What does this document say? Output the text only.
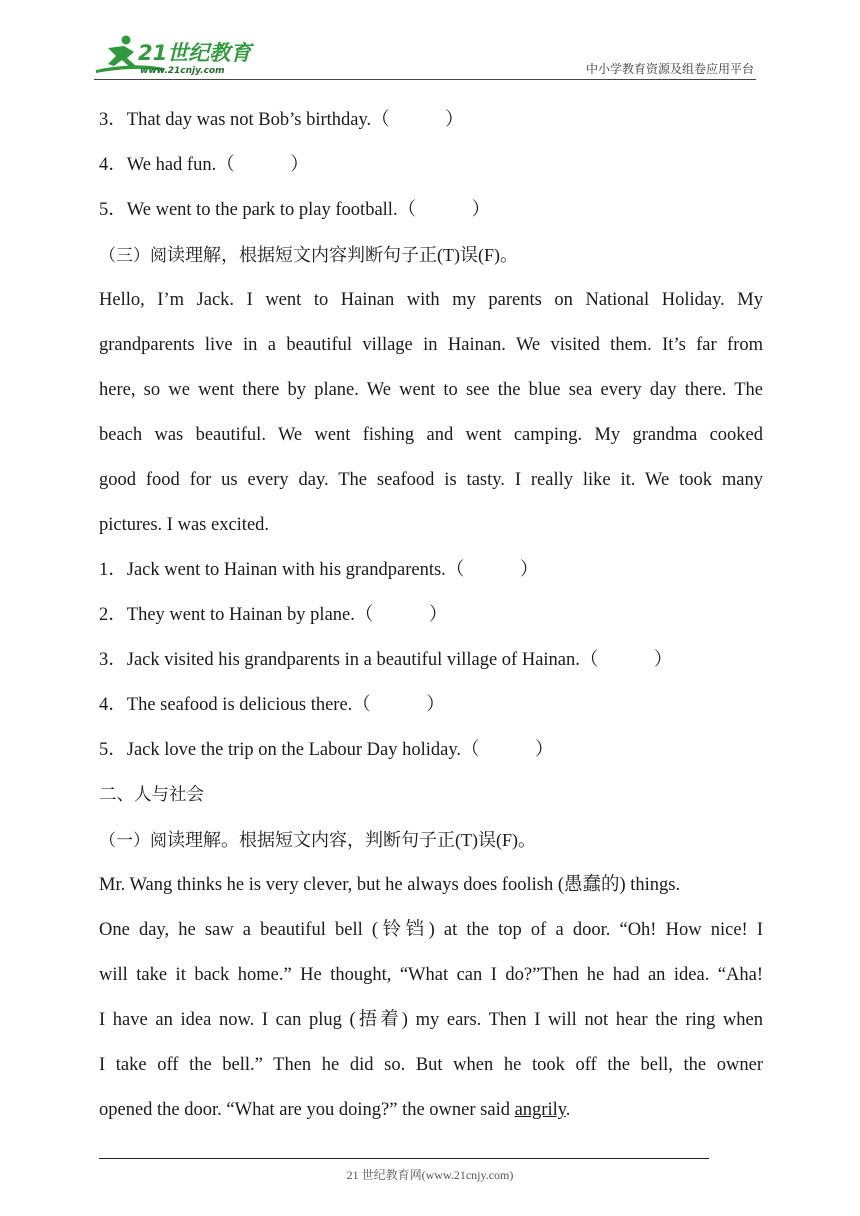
21世纪教育
www.21cnjy.com	中小学教育资源及组卷应用平台
3．That day was not Bob’s birthday.（　　　）
4．We had fun.（　　　）
5．We went to the park to play football.（　　　）
（三）阅读理解，根据短文内容判断句子正(T)误(F)。
Hello, I’m Jack. I went to Hainan with my parents on National Holiday. My
grandparents live in a beautiful village in Hainan. We visited them. It’s far from
here, so we went there by plane. We went to see the blue sea every day there. The
beach was beautiful. We went fishing and went camping. My grandma cooked
good food for us every day. The seafood is tasty. I really like it. We took many
pictures. I was excited.
1．Jack went to Hainan with his grandparents.（　　　）
2．They went to Hainan by plane.（　　　）
3．Jack visited his grandparents in a beautiful village of Hainan.（　　　）
4．The seafood is delicious there.（　　　）
5．Jack love the trip on the Labour Day holiday.（　　　）
二、人与社会
（一）阅读理解。根据短文内容，判断句子正(T)误(F)。
Mr. Wang thinks he is very clever, but he always does foolish (愚蠢的) things.
One day, he saw a beautiful bell (铃铛) at the top of a door. “Oh! How nice! I
will take it back home.” He thought, “What can I do?”Then he had an idea. “Aha!
I have an idea now. I can plug (捂着) my ears. Then I will not hear the ring when
I take off the bell.” Then he did so. But when he took off the bell, the owner
opened the door. “What are you doing?” the owner said angrily.
21 世纪教育网(www.21cnjy.com)
